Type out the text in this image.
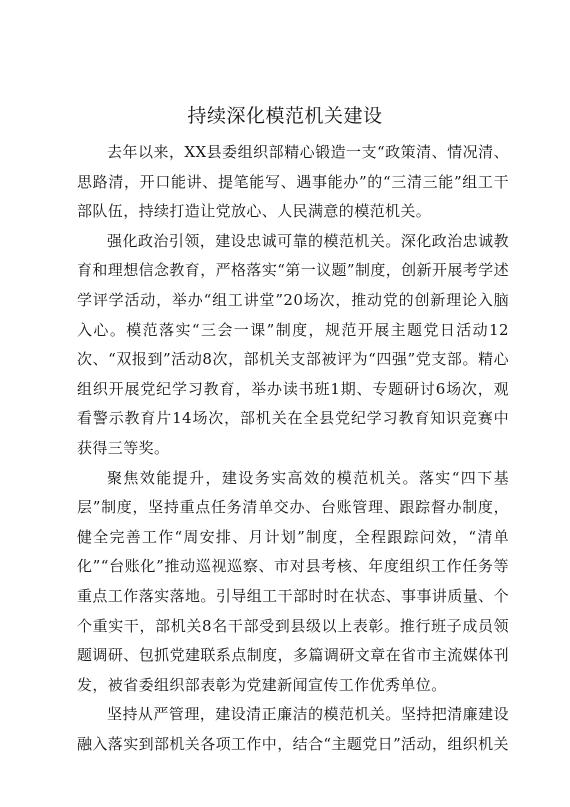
持续深化模范机关建设

去年以来，XX县委组织部精心锻造一支“政策清、情况清、思路清，开口能讲、提笔能写、遇事能办”的“三清三能”组工干部队伍，持续打造让党放心、人民满意的模范机关。

强化政治引领，建设忠诚可靠的模范机关。深化政治忠诚教育和理想信念教育，严格落实“第一议题”制度，创新开展考学述学评学活动，举办“组工讲堂”20场次，推动党的创新理论入脑入心。模范落实“三会一课”制度，规范开展主题党日活动12次、“双报到”活动8次，部机关支部被评为“四强”党支部。精心组织开展党纪学习教育，举办读书班1期、专题研讨6场次，观看警示教育片14场次，部机关在全县党纪学习教育知识竞赛中获得三等奖。

聚焦效能提升，建设务实高效的模范机关。落实“四下基层”制度，坚持重点任务清单交办、台账管理、跟踪督办制度，健全完善工作“周安排、月计划”制度，全程跟踪问效，“清单化”“台账化”推动巡视巡察、市对县考核、年度组织工作任务等重点工作落实落地。引导组工干部时时在状态、事事讲质量、个个重实干，部机关8名干部受到县级以上表彰。推行班子成员领题调研、包抓党建联系点制度，多篇调研文章在省市主流媒体刊发，被省委组织部表彰为党建新闻宣传工作优秀单位。

坚持从严管理，建设清正廉洁的模范机关。坚持把清廉建设融入落实到部机关各项工作中，结合“主题党日”活动，组织机关
